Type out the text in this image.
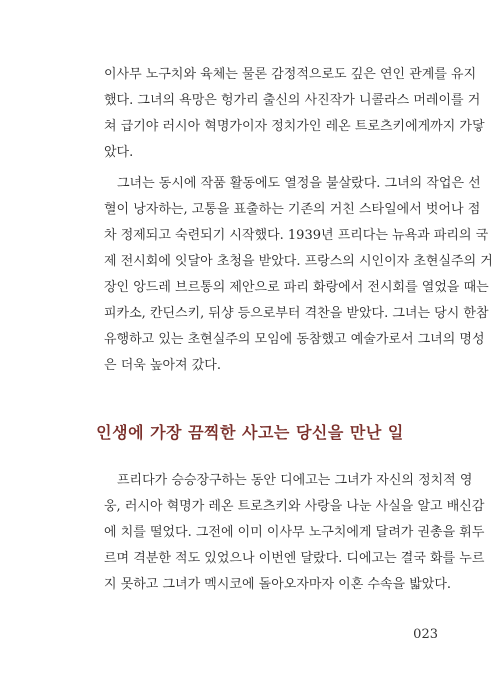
이사무 노구치와 육체는 물론 감정적으로도 깊은 연인 관계를 유지
했다. 그녀의 욕망은 헝가리 출신의 사진작가 니콜라스 머레이를 거
쳐 급기야 러시아 혁명가이자 정치가인 레온 트로츠키에게까지 가닿
았다.

그녀는 동시에 작품 활동에도 열정을 불살랐다. 그녀의 작업은 선
혈이 낭자하는, 고통을 표출하는 기존의 거친 스타일에서 벗어나 점
차 정제되고 숙련되기 시작했다. 1939년 프리다는 뉴욕과 파리의 국
제 전시회에 잇달아 초청을 받았다. 프랑스의 시인이자 초현실주의 거
장인 앙드레 브르통의 제안으로 파리 화랑에서 전시회를 열었을 때는
피카소, 칸딘스키, 뒤샹 등으로부터 격찬을 받았다. 그녀는 당시 한참
유행하고 있는 초현실주의 모임에 동참했고 예술가로서 그녀의 명성
은 더욱 높아져 갔다.

인생에 가장 끔찍한 사고는 당신을 만난 일

프리다가 승승장구하는 동안 디에고는 그녀가 자신의 정치적 영
웅, 러시아 혁명가 레온 트로츠키와 사랑을 나눈 사실을 알고 배신감
에 치를 떨었다. 그전에 이미 이사무 노구치에게 달려가 권총을 휘두
르며 격분한 적도 있었으나 이번엔 달랐다. 디에고는 결국 화를 누르
지 못하고 그녀가 멕시코에 돌아오자마자 이혼 수속을 밟았다.

023
